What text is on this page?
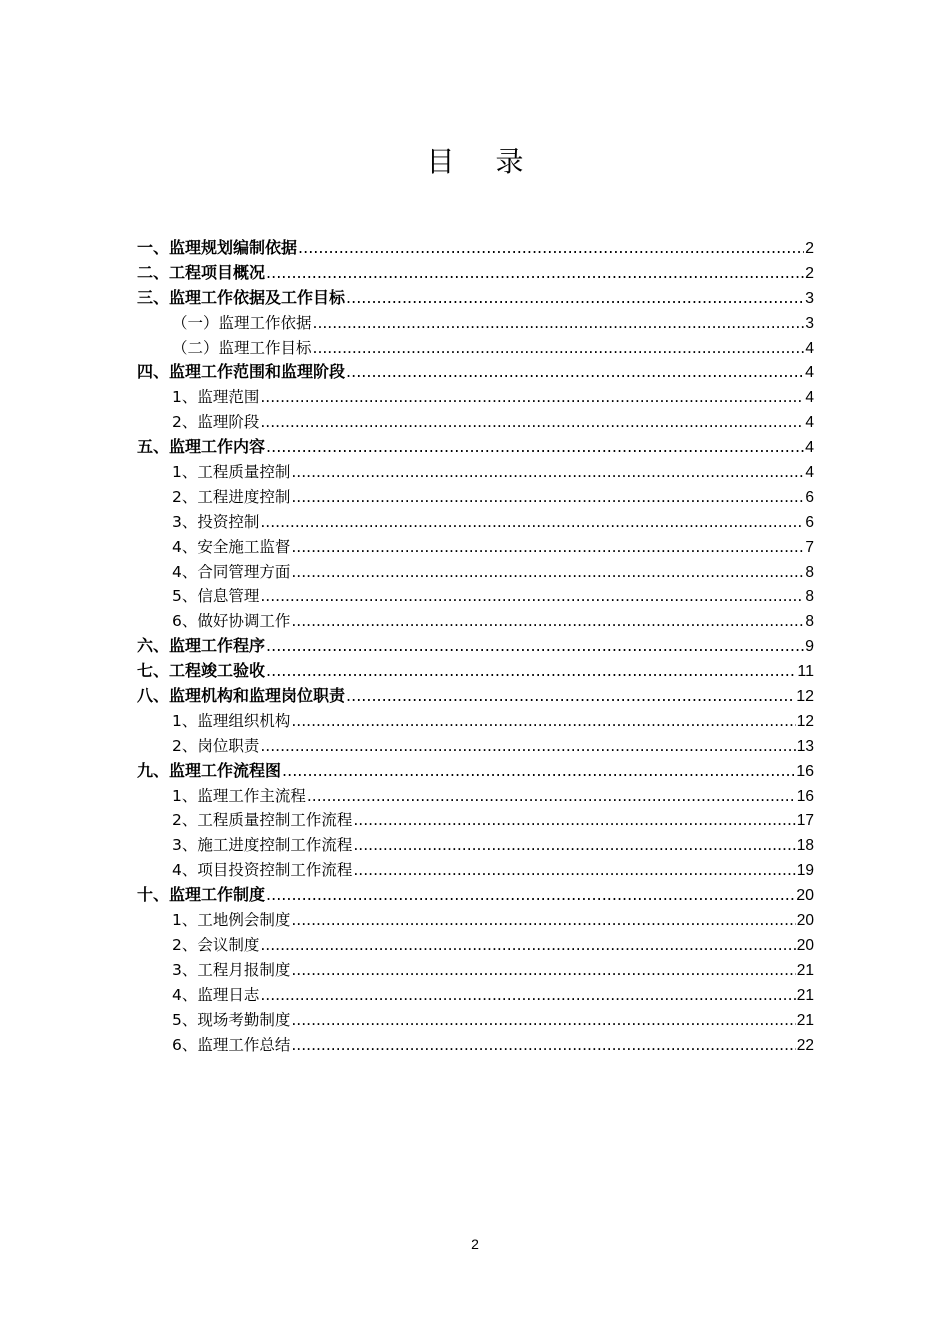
目 录
一、监理规划编制依据 .....	2
二、工程项目概况 .....	2
三、监理工作依据及工作目标 .....	3
（一）监理工作依据 .....	3
（二）监理工作目标 .....	4
四、监理工作范围和监理阶段 .....	4
1、监理范围 .....	4
2、监理阶段 .....	4
五、监理工作内容 .....	4
1、工程质量控制 .....	4
2、工程进度控制 .....	6
3、投资控制 .....	6
4、安全施工监督 .....	7
4、合同管理方面 .....	8
5、信息管理 .....	8
6、做好协调工作 .....	8
六、监理工作程序 .....	9
七、工程竣工验收 .....	11
八、监理机构和监理岗位职责 .....	12
1、监理组织机构 .....	12
2、岗位职责 .....	13
九、监理工作流程图 .....	16
1、监理工作主流程 .....	16
2、工程质量控制工作流程 .....	17
3、施工进度控制工作流程 .....	18
4、项目投资控制工作流程 .....	19
十、监理工作制度 .....	20
1、工地例会制度 .....	20
2、会议制度 .....	20
3、工程月报制度 .....	21
4、监理日志 .....	21
5、现场考勤制度 .....	21
6、监理工作总结 .....	22
2
